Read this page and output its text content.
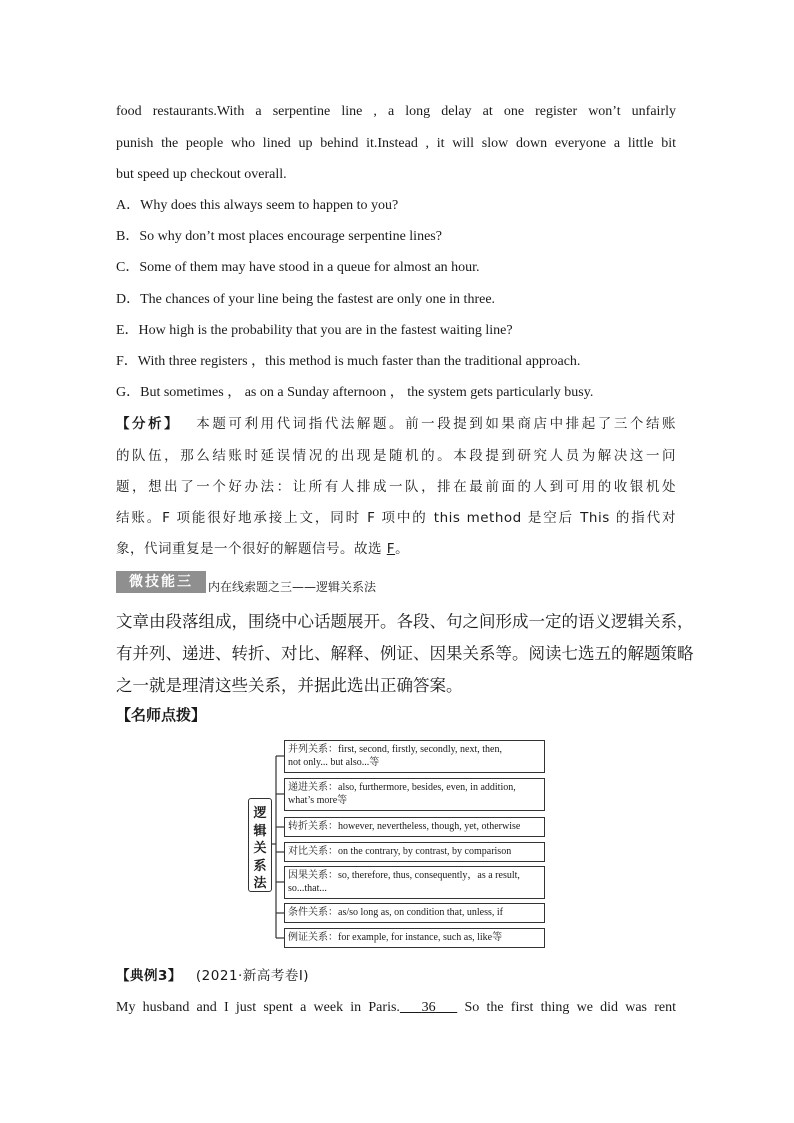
food restaurants.With a serpentine line , a long delay at one register won’t unfairly
punish the people who lined up behind it.Instead , it will slow down everyone a little bit
but speed up checkout overall.
A．Why does this always seem to happen to you?
B．So why don’t most places encourage serpentine lines?
C．Some of them may have stood in a queue for almost an hour.
D．The chances of your line being the fastest are only one in three.
E．How high is the probability that you are in the fastest waiting line?
F．With three registers ，this method is much faster than the traditional approach.
G．But sometimes ， as on a Sunday afternoon ， the system gets particularly busy.
【分析】 本题可利用代词指代法解题。前一段提到如果商店中排起了三个结账
的队伍，那么结账时延误情况的出现是随机的。本段提到研究人员为解决这一问
题，想出了一个好办法：让所有人排成一队，排在最前面的人到可用的收银机处
结账。F 项能很好地承接上文，同时 F 项中的 this method 是空后 This 的指代对
象，代词重复是一个很好的解题信号。故选 F。
微技能三	内在线索题之三——逻辑关系法
文章由段落组成，围绕中心话题展开。各段、句之间形成一定的语义逻辑关系，
有并列、递进、转折、对比、解释、例证、因果关系等。阅读七选五的解题策略
之一就是理清这些关系，并据此选出正确答案。
【名师点拨】
逻
辑
关
系
法
并列关系：first, second, firstly, secondly, next, then,
not only... but also...等
递进关系：also, furthermore, besides, even, in addition,
what’s more等
转折关系：however, nevertheless, though, yet, otherwise
对比关系：on the contrary, by contrast, by comparison
因果关系：so, therefore, thus, consequently，as a result,
so...that...
条件关系：as/so long as, on condition that, unless, if
例证关系：for example, for instance, such as, like等
【典例3】 (2021·新高考卷Ⅰ)
My husband and I just spent a week in Paris. 36    So the first thing we did was rent
